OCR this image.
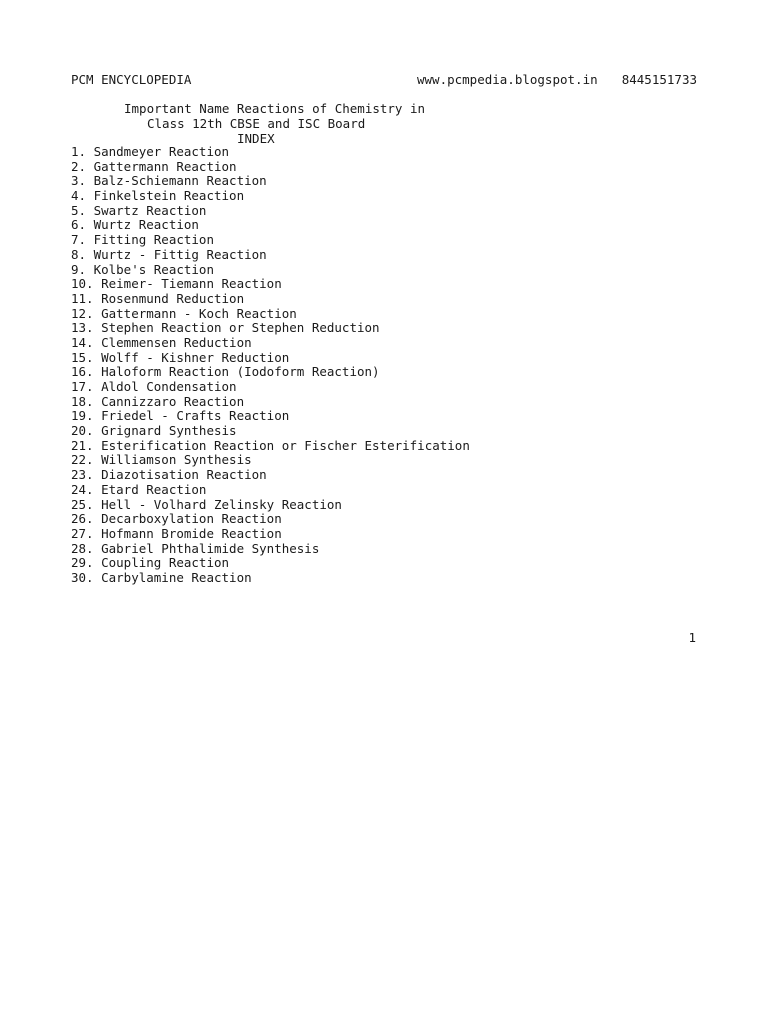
PCM ENCYCLOPEDIA	www.pcmpedia.blogspot.in 8445151733
Important Name Reactions of Chemistry in
Class 12th CBSE and ISC Board
INDEX
1. Sandmeyer Reaction
2. Gattermann Reaction
3. Balz-Schiemann Reaction
4. Finkelstein Reaction
5. Swartz Reaction
6. Wurtz Reaction
7. Fitting Reaction
8. Wurtz - Fittig Reaction
9. Kolbe's Reaction
10. Reimer- Tiemann Reaction
11. Rosenmund Reduction
12. Gattermann - Koch Reaction
13. Stephen Reaction or Stephen Reduction
14. Clemmensen Reduction
15. Wolff - Kishner Reduction
16. Haloform Reaction (Iodoform Reaction)
17. Aldol Condensation
18. Cannizzaro Reaction
19. Friedel - Crafts Reaction
20. Grignard Synthesis
21. Esterification Reaction or Fischer Esterification
22. Williamson Synthesis
23. Diazotisation Reaction
24. Etard Reaction
25. Hell - Volhard Zelinsky Reaction
26. Decarboxylation Reaction
27. Hofmann Bromide Reaction
28. Gabriel Phthalimide Synthesis
29. Coupling Reaction
30. Carbylamine Reaction
1
